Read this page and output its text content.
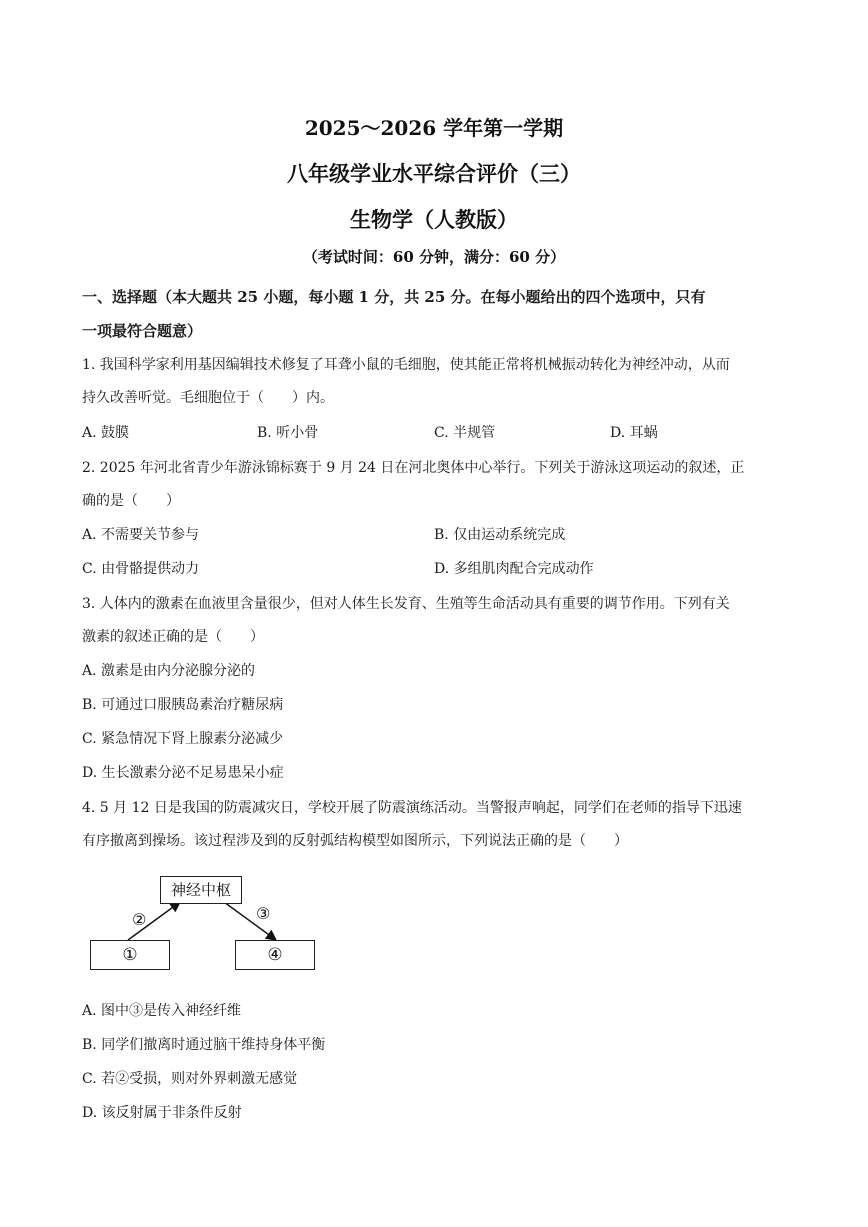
2025～2026 学年第一学期
八年级学业水平综合评价（三）
生物学（人教版）
（考试时间：60 分钟，满分：60 分）
一、选择题（本大题共 25 小题，每小题 1 分，共 25 分。在每小题给出的四个选项中，只有
一项最符合题意）
1. 我国科学家利用基因编辑技术修复了耳聋小鼠的毛细胞，使其能正常将机械振动转化为神经冲动，从而
持久改善听觉。毛细胞位于（　　）内。
A. 鼓膜	B. 听小骨	C. 半规管	D. 耳蜗
2. 2025 年河北省青少年游泳锦标赛于 9 月 24 日在河北奥体中心举行。下列关于游泳这项运动的叙述，正
确的是（　　）
A. 不需要关节参与	B. 仅由运动系统完成
C. 由骨骼提供动力	D. 多组肌肉配合完成动作
3. 人体内的激素在血液里含量很少，但对人体生长发育、生殖等生命活动具有重要的调节作用。下列有关
激素的叙述正确的是（　　）
A. 激素是由内分泌腺分泌的
B. 可通过口服胰岛素治疗糖尿病
C. 紧急情况下肾上腺素分泌减少
D. 生长激素分泌不足易患呆小症
4. 5 月 12 日是我国的防震减灾日，学校开展了防震演练活动。当警报声响起，同学们在老师的指导下迅速
有序撤离到操场。该过程涉及到的反射弧结构模型如图所示，下列说法正确的是（　　）
神经中枢
①	④
②	③
A. 图中③是传入神经纤维
B. 同学们撤离时通过脑干维持身体平衡
C. 若②受损，则对外界刺激无感觉
D. 该反射属于非条件反射
